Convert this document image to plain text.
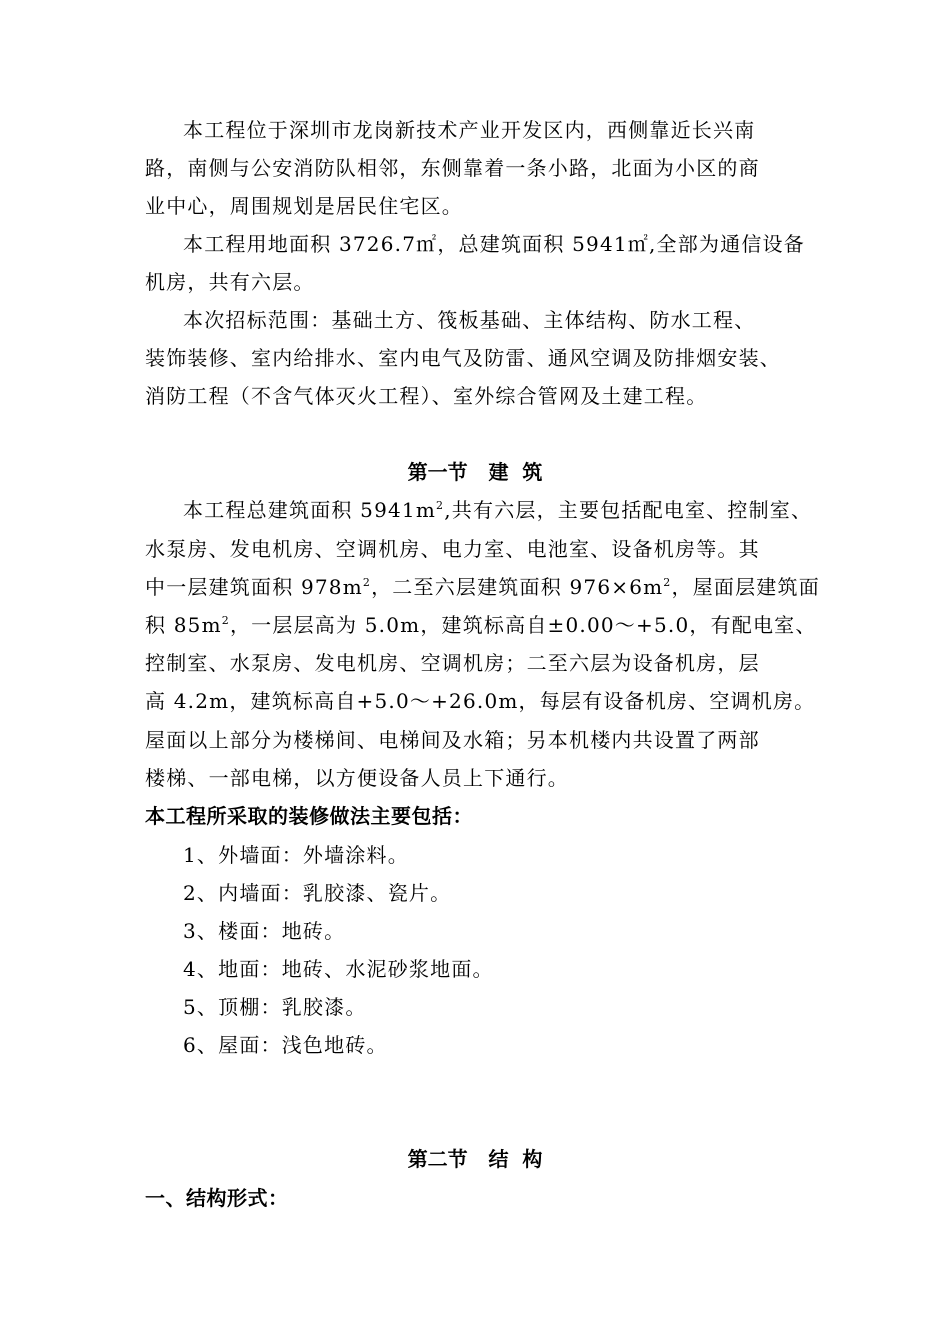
本工程位于深圳市龙岗新技术产业开发区内，西侧靠近长兴南
路，南侧与公安消防队相邻，东侧靠着一条小路，北面为小区的商
业中心，周围规划是居民住宅区。
本工程用地面积 3726.7㎡，总建筑面积 5941㎡,全部为通信设备
机房，共有六层。
本次招标范围：基础土方、筏板基础、主体结构、防水工程、
装饰装修、室内给排水、室内电气及防雷、通风空调及防排烟安装、
消防工程（不含气体灭火工程）、室外综合管网及土建工程。
第一节   建  筑
本工程总建筑面积 $5941m^2$,共有六层，主要包括配电室、控制室、
水泵房、发电机房、空调机房、电力室、电池室、设备机房等。其
中一层建筑面积 $978m^2$，二至六层建筑面积 $976\times 6m^2$，屋面层建筑面
积 $85m^2$，一层层高为 5.0m，建筑标高自±0.00～+5.0，有配电室、
控制室、水泵房、发电机房、空调机房；二至六层为设备机房，层
高 4.2m，建筑标高自+5.0～+26.0m，每层有设备机房、空调机房。
屋面以上部分为楼梯间、电梯间及水箱；另本机楼内共设置了两部
楼梯、一部电梯，以方便设备人员上下通行。
本工程所采取的装修做法主要包括：
1、外墙面：外墙涂料。
2、内墙面：乳胶漆、瓷片。
3、楼面：地砖。
4、地面：地砖、水泥砂浆地面。
5、顶棚：乳胶漆。
6、屋面：浅色地砖。
第二节   结  构
一、结构形式：
